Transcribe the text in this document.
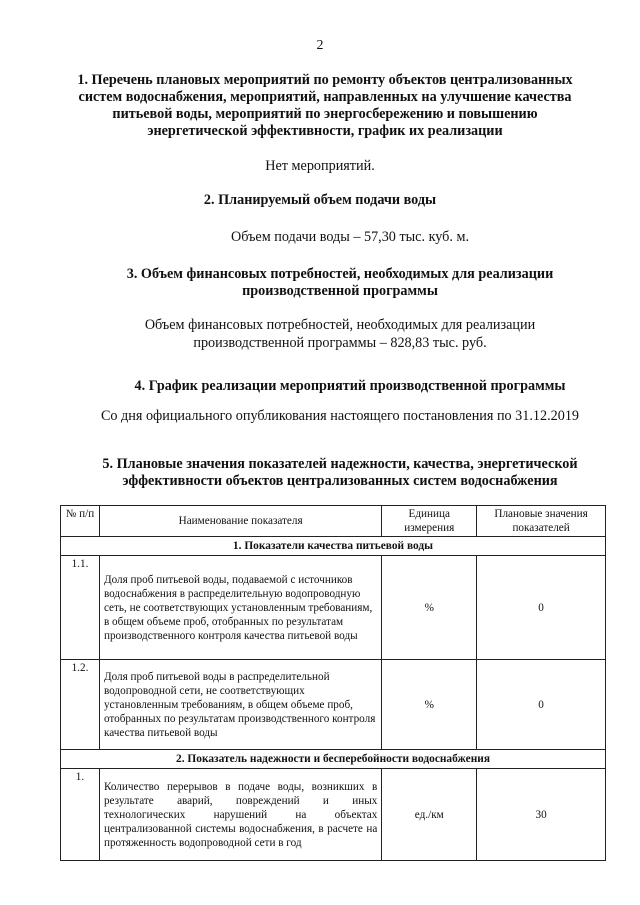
2
1. Перечень плановых мероприятий по ремонту объектов централизованных систем водоснабжения, мероприятий, направленных на улучшение качества питьевой воды, мероприятий по энергосбережению и повышению энергетической эффективности, график их реализации
Нет мероприятий.
2. Планируемый объем подачи воды
Объем подачи воды – 57,30 тыс. куб. м.
3. Объем финансовых потребностей, необходимых для реализации производственной программы
Объем финансовых потребностей, необходимых для реализации производственной программы – 828,83 тыс. руб.
4. График реализации мероприятий производственной программы
Со дня официального опубликования настоящего постановления по 31.12.2019
5. Плановые значения показателей надежности, качества, энергетической эффективности объектов централизованных систем водоснабжения
№ п/п	Наименование показателя	Единица измерения	Плановые значения показателей
1. Показатели качества питьевой воды			
1.1.	Доля проб питьевой воды, подаваемой с источников водоснабжения в распределительную водопроводную сеть, не соответствующих установленным требованиям, в общем объеме проб, отобранных по результатам производственного контроля качества питьевой воды	%	0
1.2.	Доля проб питьевой воды в распределительной водопроводной сети, не соответствующих установленным требованиям, в общем объеме проб, отобранных по результатам производственного контроля качества питьевой воды	%	0
2. Показатель надежности и бесперебойности водоснабжения			
1.	Количество перерывов в подаче воды, возникших в результате аварий, повреждений и иных технологических нарушений на объектах централизованной системы водоснабжения, в расчете на протяженность водопроводной сети в год	ед./км	30
